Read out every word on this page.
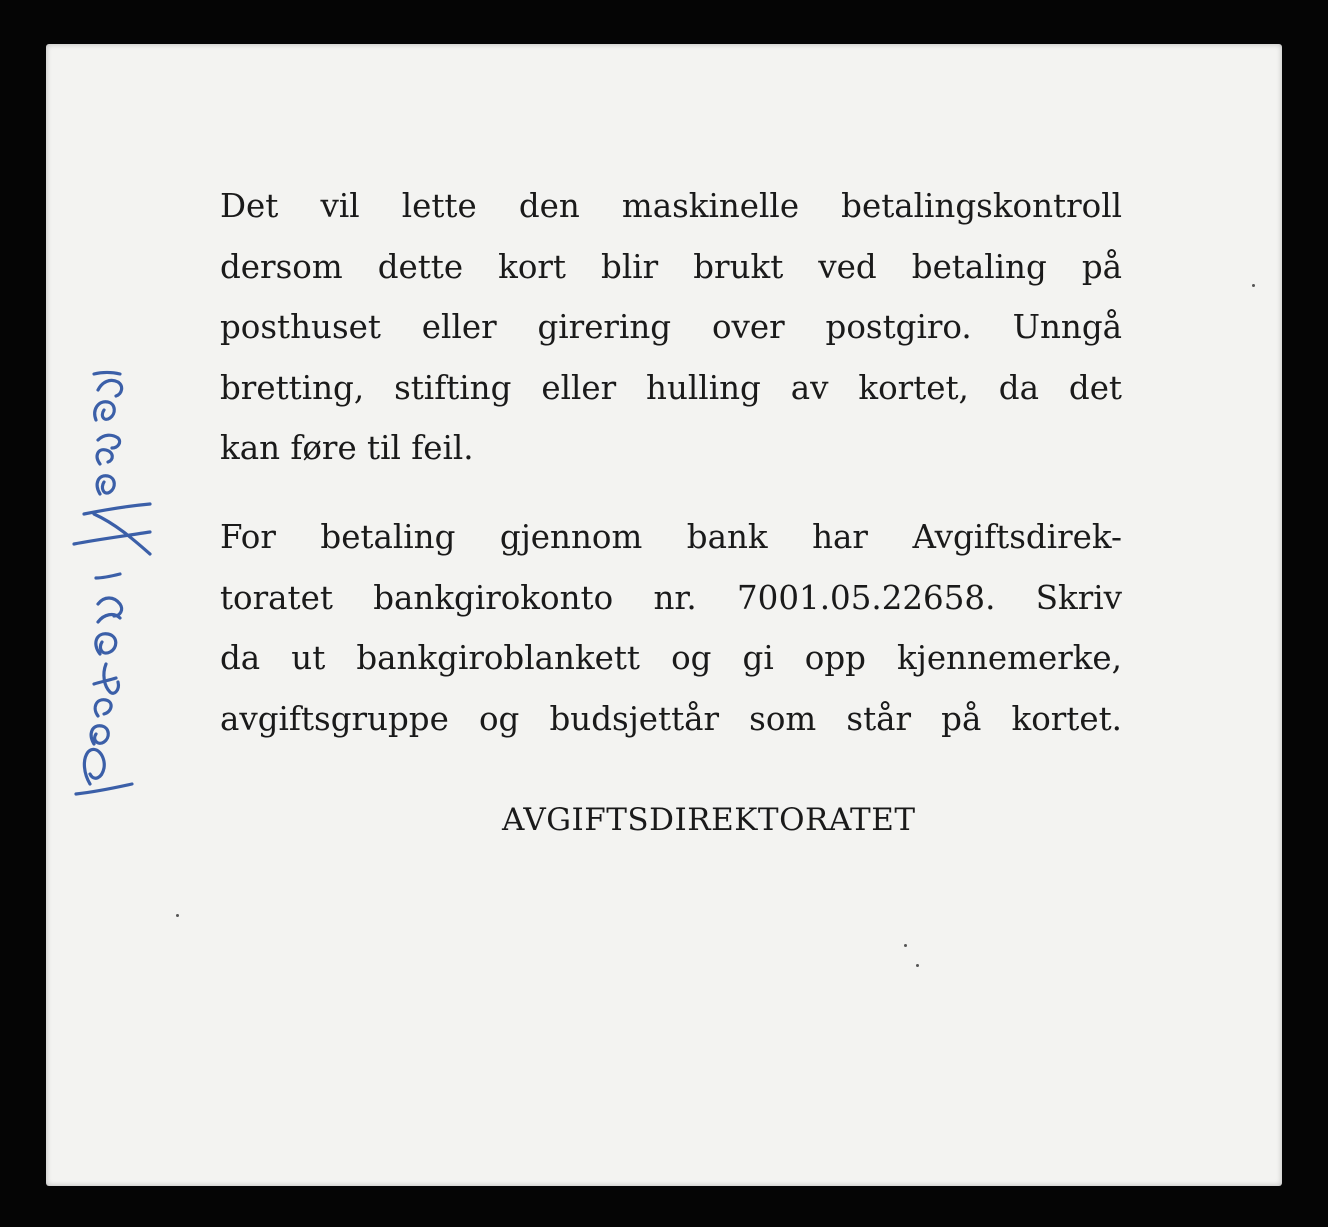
Det vil lette den maskinelle betalingskontroll
dersom dette kort blir brukt ved betaling på
posthuset eller girering over postgiro. Unngå
bretting, stifting eller hulling av kortet, da det
kan føre til feil.
For betaling gjennom bank har Avgiftsdirek-
toratet bankgirokonto nr. 7001.05.22658. Skriv
da ut bankgiroblankett og gi opp kjennemerke,
avgiftsgruppe og budsjettår som står på kortet.
AVGIFTSDIREKTORATET
